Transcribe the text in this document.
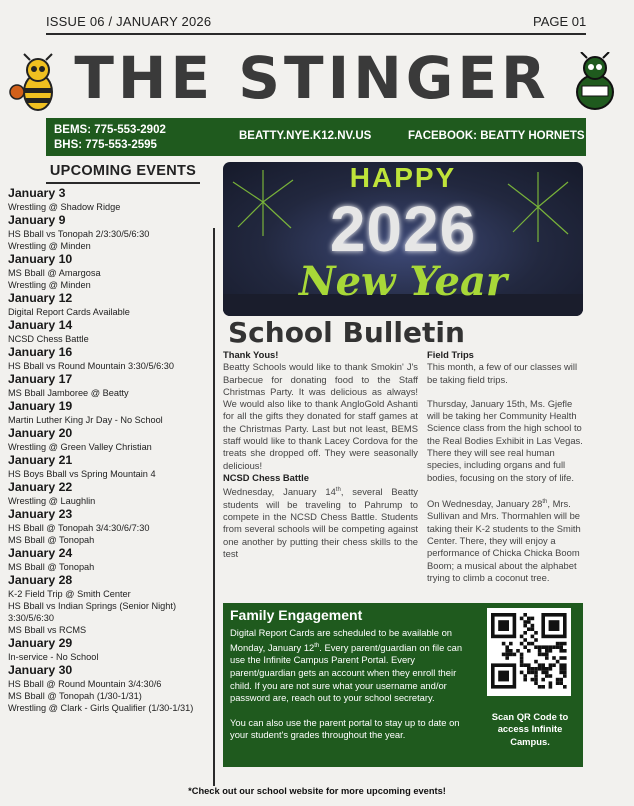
ISSUE 06 / JANUARY 2026	PAGE 01
THE STINGER
BEMS: 775-553-2902
BHS: 775-553-2595
BEATTY.NYE.K12.NV.US	FACEBOOK: BEATTY HORNETS
UPCOMING EVENTS
January 3
Wrestling @ Shadow Ridge
January 9
HS Bball vs Tonopah 2/3:30/5/6:30
Wrestling @ Minden
January 10
MS Bball @ Amargosa
Wrestling @ Minden
January 12
Digital Report Cards Available
January 14
NCSD Chess Battle
January 16
HS Bball vs Round Mountain 3:30/5/6:30
January 17
MS Bball Jamboree @ Beatty
January 19
Martin Luther King Jr Day - No School
January 20
Wrestling @ Green Valley Christian
January 21
HS Boys Bball vs Spring Mountain 4
January 22
Wrestling @ Laughlin
January 23
HS Bball @ Tonopah 3/4:30/6/7:30
MS Bball @ Tonopah
January 24
MS Bball @ Tonopah
January 28
K-2 Field Trip @ Smith Center
HS Bball vs Indian Springs (Senior Night) 3:30/5/6:30
MS Bball vs RCMS
January 29
In-service - No School
January 30
HS Bball @ Round Mountain 3/4:30/6
MS Bball @ Tonopah (1/30-1/31)
Wrestling @ Clark - Girls Qualifier (1/30-1/31)
HAPPY
2026
New Year
School Bulletin
Thank Yous!
Beatty Schools would like to thank Smokin' J's Barbecue for donating food to the Staff Christmas Party. It was delicious as always! We would also like to thank AngloGold Ashanti for all the gifts they donated for staff games at the Christmas Party. Last but not least, BEMS staff would like to thank Lacey Cordova for the treats she dropped off. They were seasonally delicious!
NCSD Chess Battle
Wednesday, January 14th, several Beatty students will be traveling to Pahrump to compete in the NCSD Chess Battle. Students from several schools will be competing against one another by putting their chess skills to the test
Field Trips
This month, a few of our classes will be taking field trips.
Thursday, January 15th, Ms. Gjefle will be taking her Community Health Science class from the high school to the Real Bodies Exhibit in Las Vegas. There they will see real human species, including organs and full bodies, focusing on the story of life.
On Wednesday, January 28th, Mrs. Sullivan and Mrs. Thormahlen will be taking their K-2 students to the Smith Center. There, they will enjoy a performance of Chicka Chicka Boom Boom; a musical about the alphabet trying to climb a coconut tree.
Family Engagement
Digital Report Cards are scheduled to be available on Monday, January 12th. Every parent/guardian on file can use the Infinite Campus Parent Portal. Every parent/guardian gets an account when they enroll their child. If you are not sure what your username and/or password are, reach out to your school secretary.
You can also use the parent portal to stay up to date on your student's grades throughout the year.
Scan QR Code to access Infinite Campus.
*Check out our school website for more upcoming events!
